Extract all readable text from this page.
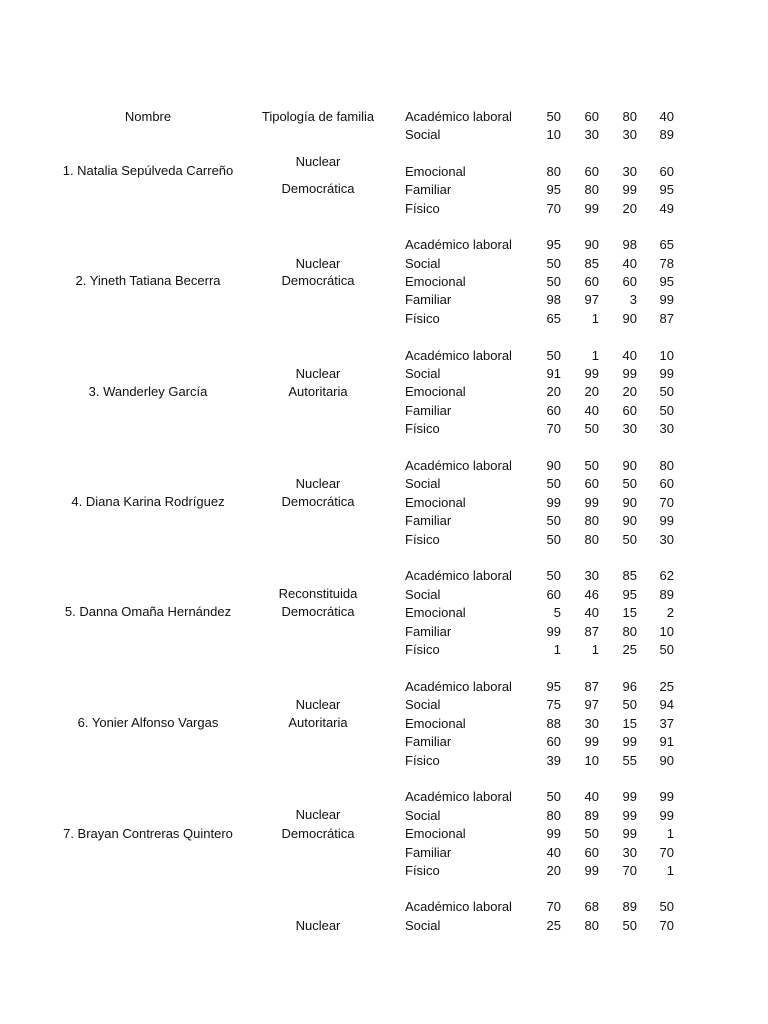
Nombre	Tipología de familia
1. Natalia Sepúlveda Carreño
Nuclear
Democrática
Académico laboral	50	60	80	40
Social	10	30	30	89
Emocional	80	60	30	60
Familiar	95	80	99	95
Físico	70	99	20	49
2. Yineth Tatiana Becerra
Nuclear
Democrática
Académico laboral	95	90	98	65
Social	50	85	40	78
Emocional	50	60	60	95
Familiar	98	97	3	99
Físico	65	1	90	87
3. Wanderley García
Nuclear
Autoritaria
Académico laboral	50	1	40	10
Social	91	99	99	99
Emocional	20	20	20	50
Familiar	60	40	60	50
Físico	70	50	30	30
4. Diana Karina Rodríguez
Nuclear
Democrática
Académico laboral	90	50	90	80
Social	50	60	50	60
Emocional	99	99	90	70
Familiar	50	80	90	99
Físico	50	80	50	30
5. Danna Omaña Hernández
Reconstituida
Democrática
Académico laboral	50	30	85	62
Social	60	46	95	89
Emocional	5	40	15	2
Familiar	99	87	80	10
Físico	1	1	25	50
6. Yonier Alfonso Vargas
Nuclear
Autoritaria
Académico laboral	95	87	96	25
Social	75	97	50	94
Emocional	88	30	15	37
Familiar	60	99	99	91
Físico	39	10	55	90
7. Brayan Contreras Quintero
Nuclear
Democrática
Académico laboral	50	40	99	99
Social	80	89	99	99
Emocional	99	50	99	1
Familiar	40	60	30	70
Físico	20	99	70	1
Nuclear
Académico laboral	70	68	89	50
Social	25	80	50	70
